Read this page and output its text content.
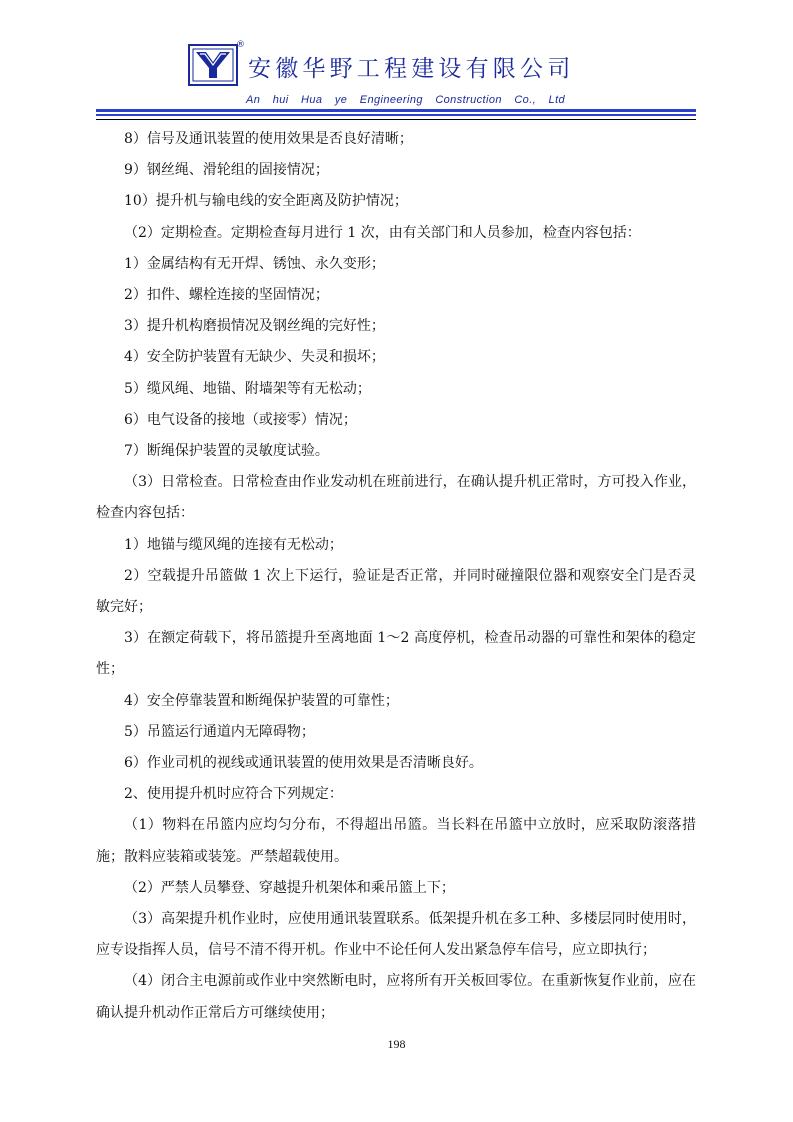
®
安徽华野工程建设有限公司
An hui Hua ye Engineering Construction Co., Ltd

8）信号及通讯装置的使用效果是否良好清晰；

9）钢丝绳、滑轮组的固接情况；

10）提升机与输电线的安全距离及防护情况；

（2）定期检查。定期检查每月进行 1 次，由有关部门和人员参加，检查内容包括：

1）金属结构有无开焊、锈蚀、永久变形；

2）扣件、螺栓连接的坚固情况；

3）提升机构磨损情况及钢丝绳的完好性；

4）安全防护装置有无缺少、失灵和损坏；

5）缆风绳、地锚、附墙架等有无松动；

6）电气设备的接地（或接零）情况；

7）断绳保护装置的灵敏度试验。

（3）日常检查。日常检查由作业发动机在班前进行，在确认提升机正常时，方可投入作业，检查内容包括：

1）地锚与缆风绳的连接有无松动；

2）空载提升吊篮做 1 次上下运行，验证是否正常，并同时碰撞限位器和观察安全门是否灵敏完好；

3）在额定荷载下，将吊篮提升至离地面 1～2 高度停机，检查吊动器的可靠性和架体的稳定性；

4）安全停靠装置和断绳保护装置的可靠性；

5）吊篮运行通道内无障碍物；

6）作业司机的视线或通讯装置的使用效果是否清晰良好。

2、使用提升机时应符合下列规定：

（1）物料在吊篮内应均匀分布，不得超出吊篮。当长料在吊篮中立放时，应采取防滚落措施；散料应装箱或装笼。严禁超载使用。

（2）严禁人员攀登、穿越提升机架体和乘吊篮上下；

（3）高架提升机作业时，应使用通讯装置联系。低架提升机在多工种、多楼层同时使用时，应专设指挥人员，信号不清不得开机。作业中不论任何人发出紧急停车信号，应立即执行；

（4）闭合主电源前或作业中突然断电时，应将所有开关板回零位。在重新恢复作业前，应在确认提升机动作正常后方可继续使用；

198
